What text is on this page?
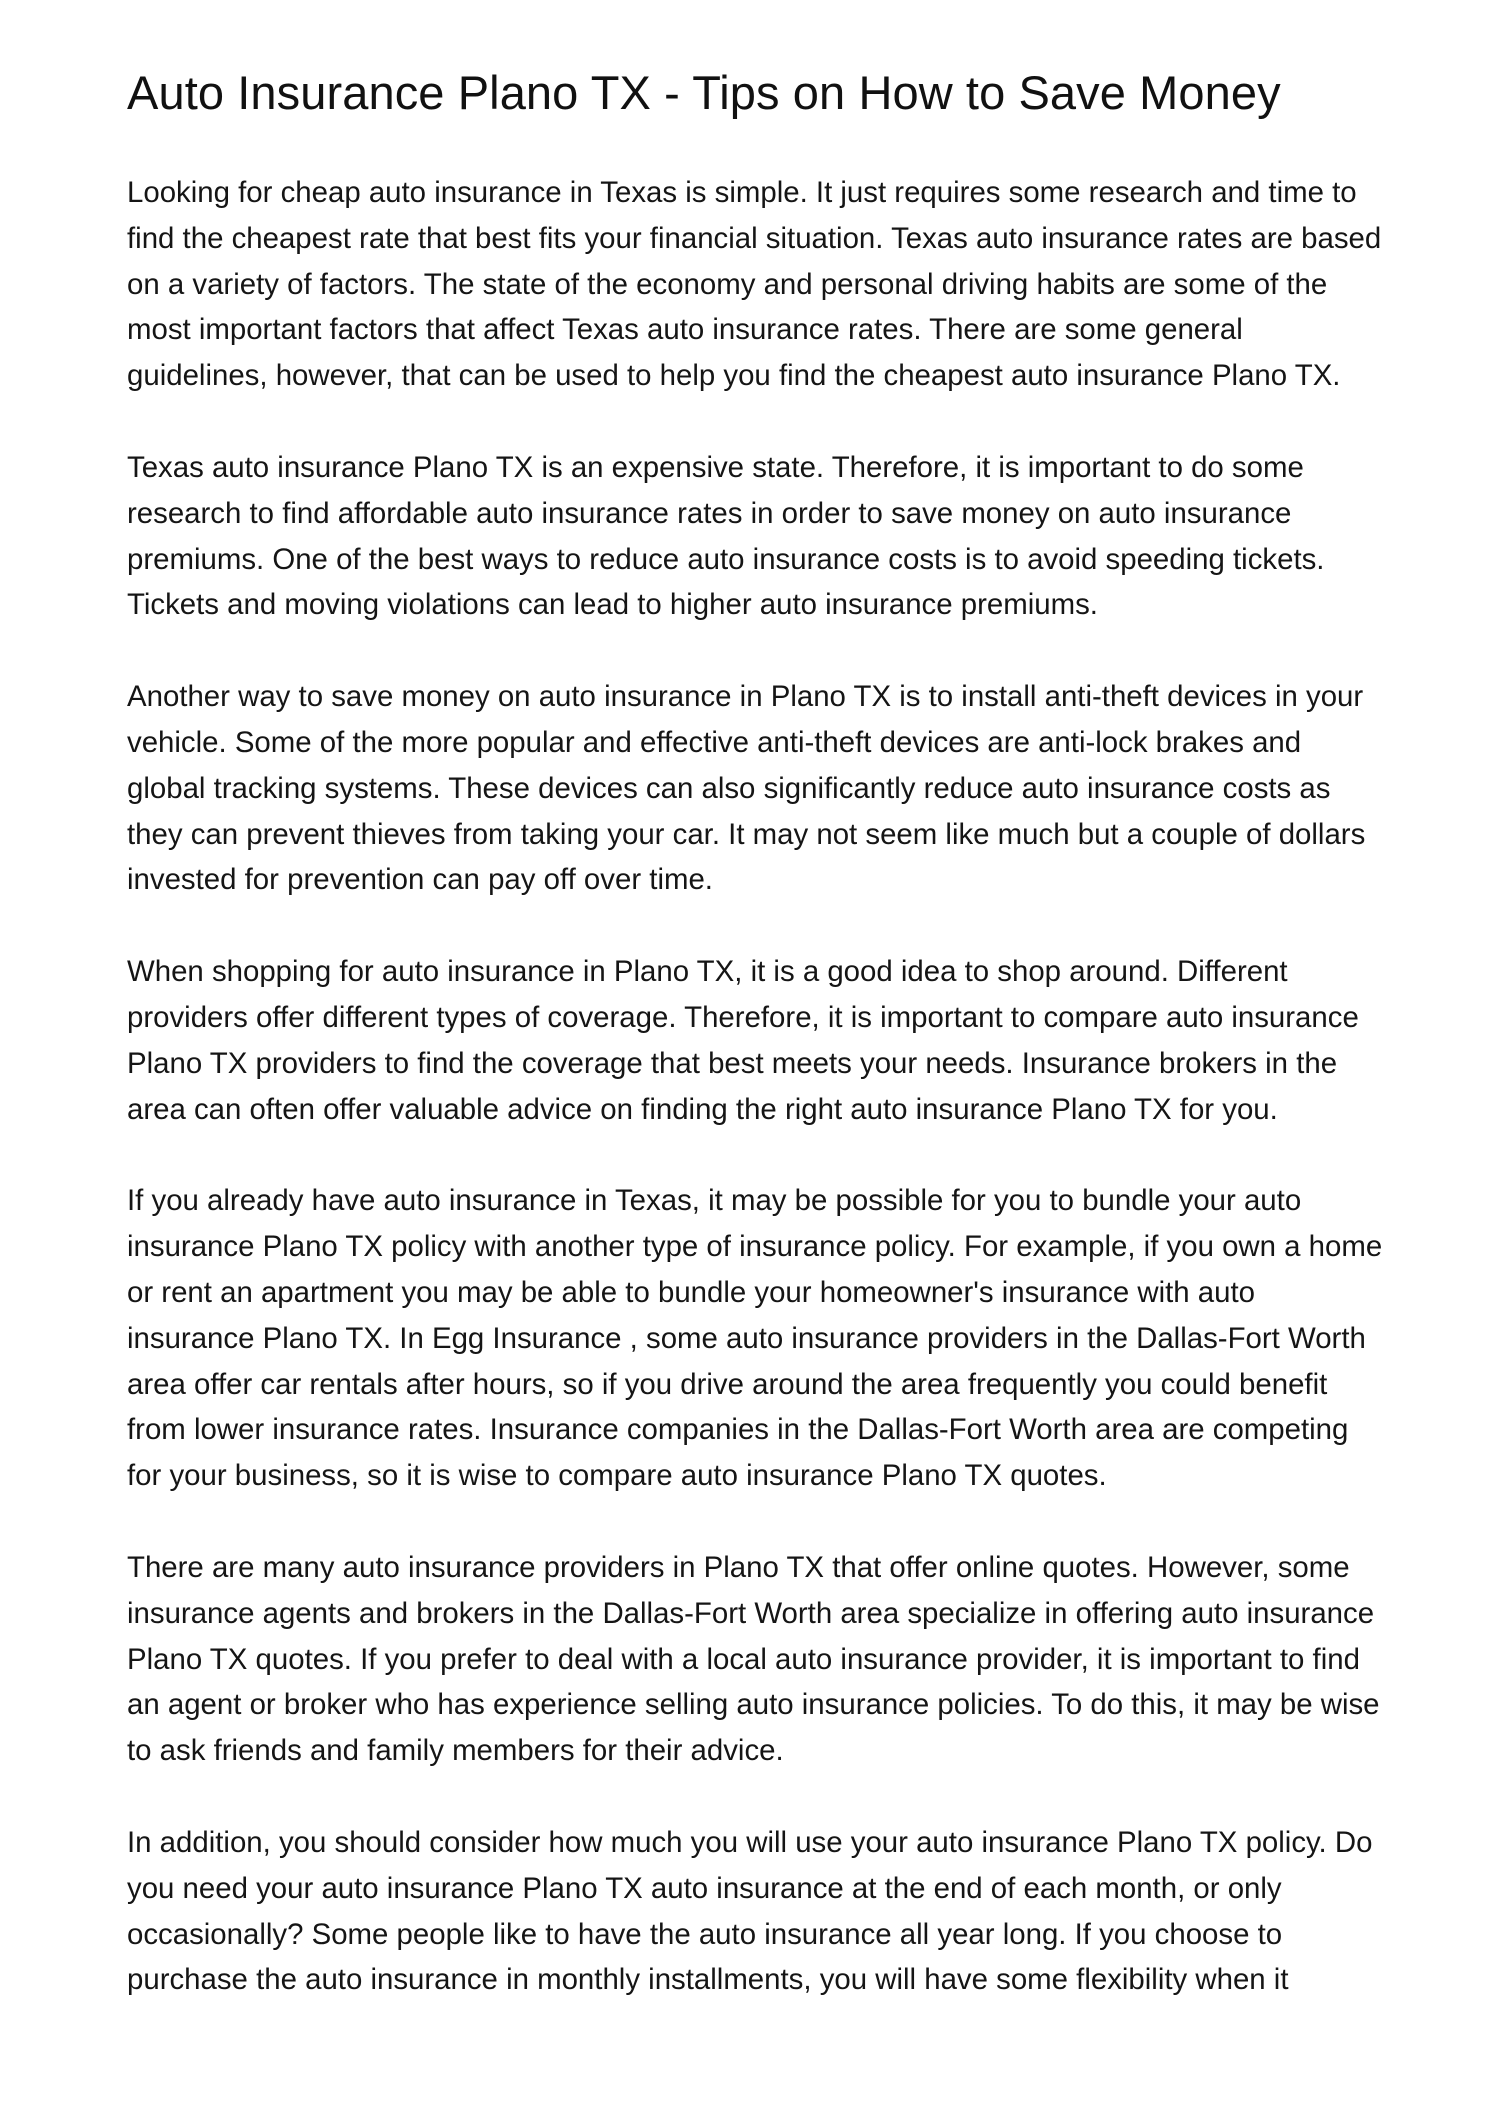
Auto Insurance Plano TX - Tips on How to Save Money

Looking for cheap auto insurance in Texas is simple. It just requires some research and time to find the cheapest rate that best fits your financial situation. Texas auto insurance rates are based on a variety of factors. The state of the economy and personal driving habits are some of the most important factors that affect Texas auto insurance rates. There are some general guidelines, however, that can be used to help you find the cheapest auto insurance Plano TX.

Texas auto insurance Plano TX is an expensive state. Therefore, it is important to do some research to find affordable auto insurance rates in order to save money on auto insurance premiums. One of the best ways to reduce auto insurance costs is to avoid speeding tickets. Tickets and moving violations can lead to higher auto insurance premiums.

Another way to save money on auto insurance in Plano TX is to install anti-theft devices in your vehicle. Some of the more popular and effective anti-theft devices are anti-lock brakes and global tracking systems. These devices can also significantly reduce auto insurance costs as they can prevent thieves from taking your car. It may not seem like much but a couple of dollars invested for prevention can pay off over time.

When shopping for auto insurance in Plano TX, it is a good idea to shop around. Different providers offer different types of coverage. Therefore, it is important to compare auto insurance Plano TX providers to find the coverage that best meets your needs. Insurance brokers in the area can often offer valuable advice on finding the right auto insurance Plano TX for you.

If you already have auto insurance in Texas, it may be possible for you to bundle your auto insurance Plano TX policy with another type of insurance policy. For example, if you own a home or rent an apartment you may be able to bundle your homeowner's insurance with auto insurance Plano TX. In Egg Insurance , some auto insurance providers in the Dallas-Fort Worth area offer car rentals after hours, so if you drive around the area frequently you could benefit from lower insurance rates. Insurance companies in the Dallas-Fort Worth area are competing for your business, so it is wise to compare auto insurance Plano TX quotes.

There are many auto insurance providers in Plano TX that offer online quotes. However, some insurance agents and brokers in the Dallas-Fort Worth area specialize in offering auto insurance Plano TX quotes. If you prefer to deal with a local auto insurance provider, it is important to find an agent or broker who has experience selling auto insurance policies. To do this, it may be wise to ask friends and family members for their advice.

In addition, you should consider how much you will use your auto insurance Plano TX policy. Do you need your auto insurance Plano TX auto insurance at the end of each month, or only occasionally? Some people like to have the auto insurance all year long. If you choose to purchase the auto insurance in monthly installments, you will have some flexibility when it
